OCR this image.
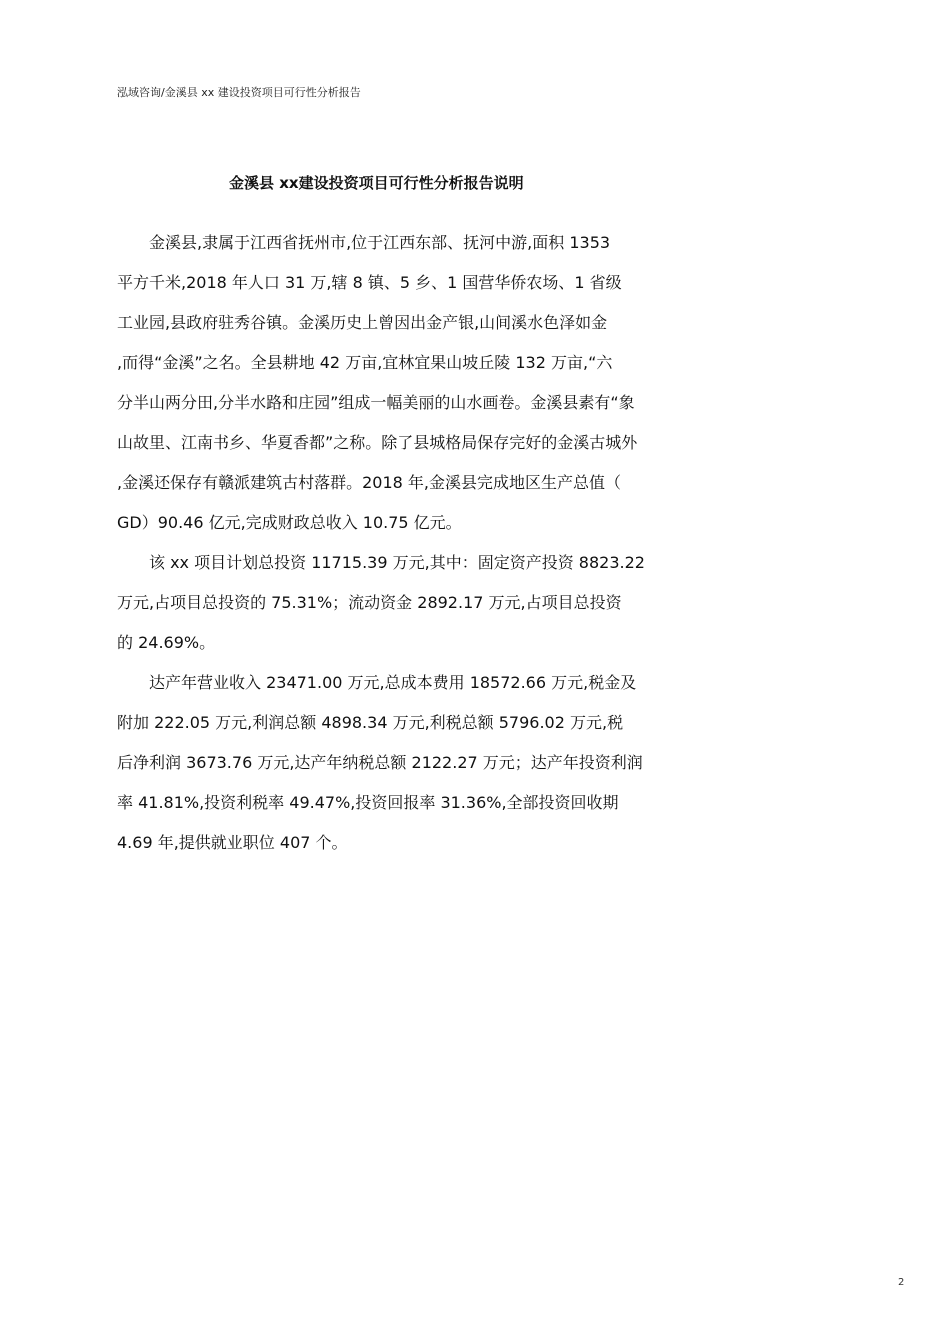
泓域咨询/金溪县 xx 建设投资项目可行性分析报告
金溪县 xx建设投资项目可行性分析报告说明
　　金溪县,隶属于江西省抚州市,位于江西东部、抚河中游,面积 1353
平方千米,2018 年人口 31 万,辖 8 镇、5 乡、1 国营华侨农场、1 省级
工业园,县政府驻秀谷镇。金溪历史上曾因出金产银,山间溪水色泽如金
,而得“金溪”之名。全县耕地 42 万亩,宜林宜果山坡丘陵 132 万亩,“六
分半山两分田,分半水路和庄园”组成一幅美丽的山水画卷。金溪县素有“象
山故里、江南书乡、华夏香都”之称。除了县城格局保存完好的金溪古城外
,金溪还保存有赣派建筑古村落群。2018 年,金溪县完成地区生产总值（
GD）90.46 亿元,完成财政总收入 10.75 亿元。
　　该 xx 项目计划总投资 11715.39 万元,其中：固定资产投资 8823.22
万元,占项目总投资的 75.31%；流动资金 2892.17 万元,占项目总投资
的 24.69%。
　　达产年营业收入 23471.00 万元,总成本费用 18572.66 万元,税金及
附加 222.05 万元,利润总额 4898.34 万元,利税总额 5796.02 万元,税
后净利润 3673.76 万元,达产年纳税总额 2122.27 万元；达产年投资利润
率 41.81%,投资利税率 49.47%,投资回报率 31.36%,全部投资回收期
4.69 年,提供就业职位 407 个。
2
